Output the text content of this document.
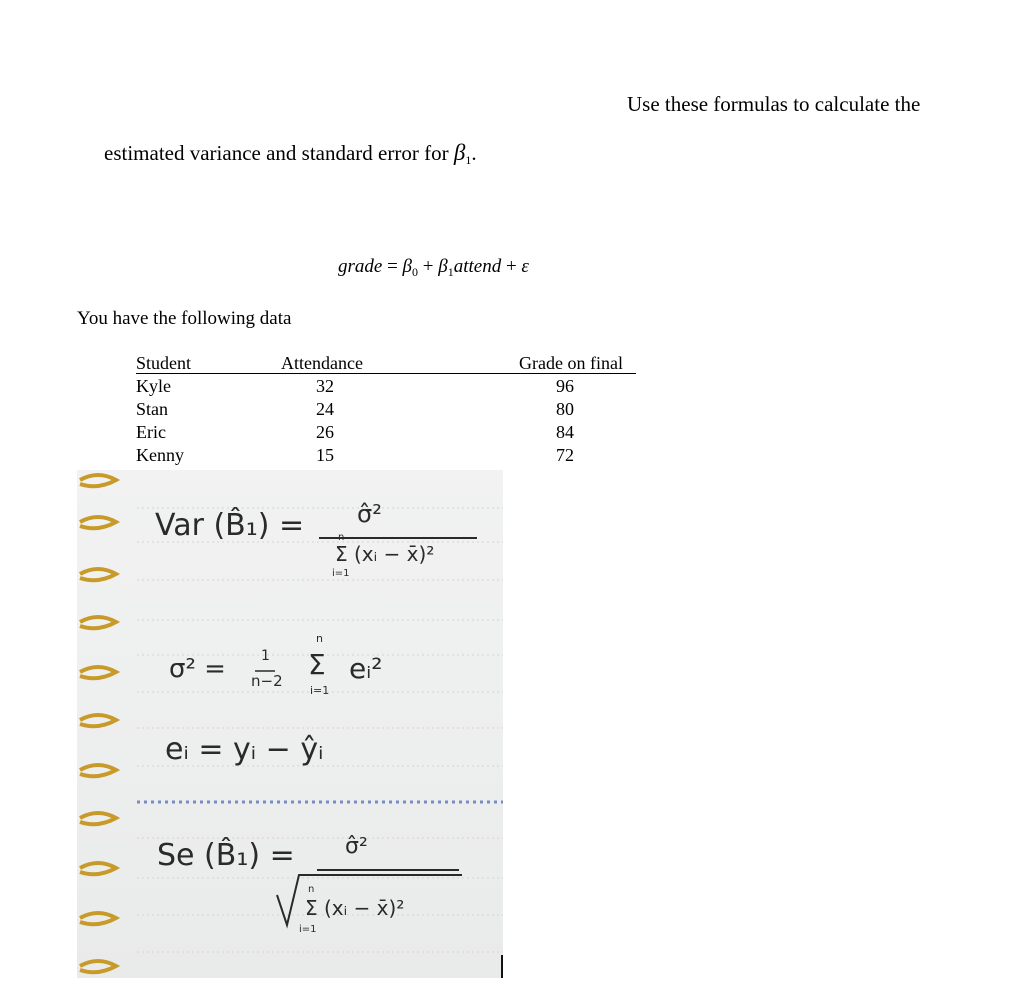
Use these formulas to calculate the
estimated variance and standard error for $\beta_1$.
grade = $\beta_0$ + $\beta_1attend + \varepsilon$
You have the following data
Student	Attendance	Grade on final
Kyle	32	96
Stan	24	80
Eric	26	84
Kenny	15	72
Var (B̂₁) = σ̂²
Σ (xᵢ − x̄)²
n
i=1
σ² =	1
n−2
n
Σ
i=1
eᵢ²
eᵢ = yᵢ − ŷᵢ
Se (B̂₁) = σ̂²
Σ (xᵢ − x̄)²
n
i=1
